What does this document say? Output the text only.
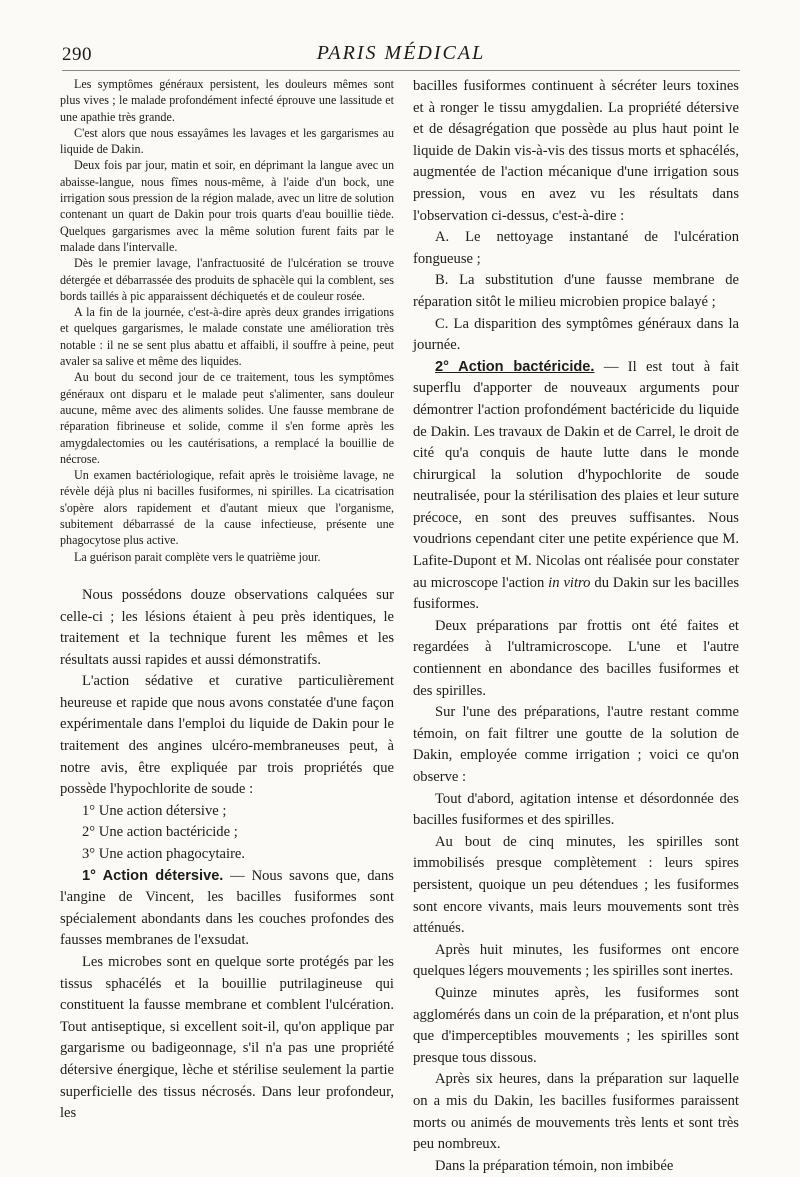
290	PARIS MÉDICAL

Les symptômes généraux persistent, les douleurs mêmes sont plus vives ; le malade profondément infecté éprouve une lassitude et une apathie très grande.

C'est alors que nous essayâmes les lavages et les gargarismes au liquide de Dakin.

Deux fois par jour, matin et soir, en déprimant la langue avec un abaisse-langue, nous fîmes nous-même, à l'aide d'un bock, une irrigation sous pression de la région malade, avec un litre de solution contenant un quart de Dakin pour trois quarts d'eau bouillie tiède. Quelques gargarismes avec la même solution furent faits par le malade dans l'intervalle.

Dès le premier lavage, l'anfractuosité de l'ulcération se trouve détergée et débarrassée des produits de sphacèle qui la comblent, ses bords taillés à pic apparaissent déchiquetés et de couleur rosée.

A la fin de la journée, c'est-à-dire après deux grandes irrigations et quelques gargarismes, le malade constate une amélioration très notable : il ne se sent plus abattu et affaibli, il souffre à peine, peut avaler sa salive et même des liquides.

Au bout du second jour de ce traitement, tous les symptômes généraux ont disparu et le malade peut s'alimenter, sans douleur aucune, même avec des aliments solides. Une fausse membrane de réparation fibrineuse et solide, comme il s'en forme après les amygdalectomies ou les cautérisations, a remplacé la bouillie de nécrose.

Un examen bactériologique, refait après le troisième lavage, ne révèle déjà plus ni bacilles fusiformes, ni spirilles. La cicatrisation s'opère alors rapidement et d'autant mieux que l'organisme, subitement débarrassé de la cause infectieuse, présente une phagocytose plus active.

La guérison parait complète vers le quatrième jour.

Nous possédons douze observations calquées sur celle-ci ; les lésions étaient à peu près identiques, le traitement et la technique furent les mêmes et les résultats aussi rapides et aussi démonstratifs.

L'action sédative et curative particulièrement heureuse et rapide que nous avons constatée d'une façon expérimentale dans l'emploi du liquide de Dakin pour le traitement des angines ulcéro-membraneuses peut, à notre avis, être expliquée par trois propriétés que possède l'hypochlorite de soude :

1° Une action détersive ;

2° Une action bactéricide ;

3° Une action phagocytaire.

1° Action détersive. — Nous savons que, dans l'angine de Vincent, les bacilles fusiformes sont spécialement abondants dans les couches profondes des fausses membranes de l'exsudat.

Les microbes sont en quelque sorte protégés par les tissus sphacélés et la bouillie putrilagineuse qui constituent la fausse membrane et comblent l'ulcération. Tout antiseptique, si excellent soit-il, qu'on applique par gargarisme ou badigeonnage, s'il n'a pas une propriété détersive énergique, lèche et stérilise seulement la partie superficielle des tissus nécrosés. Dans leur profondeur, les

bacilles fusiformes continuent à sécréter leurs toxines et à ronger le tissu amygdalien. La propriété détersive et de désagrégation que possède au plus haut point le liquide de Dakin vis-à-vis des tissus morts et sphacélés, augmentée de l'action mécanique d'une irrigation sous pression, vous en avez vu les résultats dans l'observation ci-dessus, c'est-à-dire :

A. Le nettoyage instantané de l'ulcération fongueuse ;

B. La substitution d'une fausse membrane de réparation sitôt le milieu microbien propice balayé ;

C. La disparition des symptômes généraux dans la journée.

2° Action bactéricide. — Il est tout à fait superflu d'apporter de nouveaux arguments pour démontrer l'action profondément bactéricide du liquide de Dakin. Les travaux de Dakin et de Carrel, le droit de cité qu'a conquis de haute lutte dans le monde chirurgical la solution d'hypochlorite de soude neutralisée, pour la stérilisation des plaies et leur suture précoce, en sont des preuves suffisantes. Nous voudrions cependant citer une petite expérience que M. Lafite-Dupont et M. Nicolas ont réalisée pour constater au microscope l'action in vitro du Dakin sur les bacilles fusiformes.

Deux préparations par frottis ont été faites et regardées à l'ultramicroscope. L'une et l'autre contiennent en abondance des bacilles fusiformes et des spirilles.

Sur l'une des préparations, l'autre restant comme témoin, on fait filtrer une goutte de la solution de Dakin, employée comme irrigation ; voici ce qu'on observe :

Tout d'abord, agitation intense et désordonnée des bacilles fusiformes et des spirilles.

Au bout de cinq minutes, les spirilles sont immobilisés presque complètement : leurs spires persistent, quoique un peu détendues ; les fusiformes sont encore vivants, mais leurs mouvements sont très atténués.

Après huit minutes, les fusiformes ont encore quelques légers mouvements ; les spirilles sont inertes.

Quinze minutes après, les fusiformes sont agglomérés dans un coin de la préparation, et n'ont plus que d'imperceptibles mouvements ; les spirilles sont presque tous dissous.

Après six heures, dans la préparation sur laquelle on a mis du Dakin, les bacilles fusiformes paraissent morts ou animés de mouvements très lents et sont très peu nombreux.

Dans la préparation témoin, non imbibée
